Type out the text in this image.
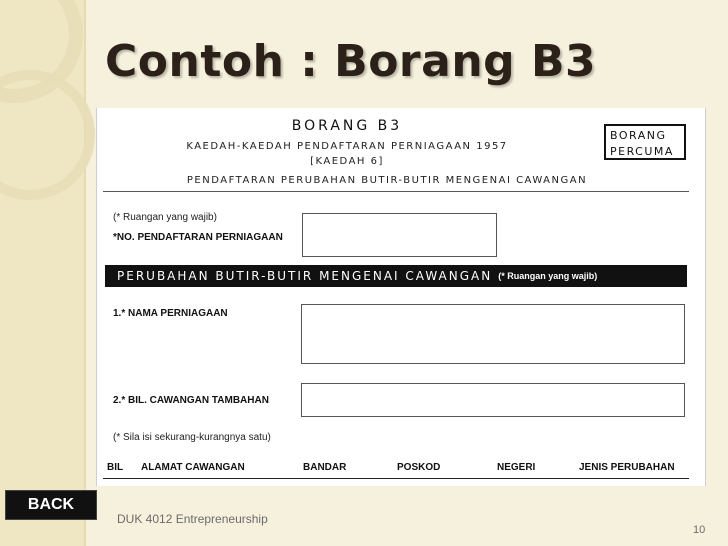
Contoh : Borang B3
BORANG B3
KAEDAH-KAEDAH PENDAFTARAN PERNIAGAAN 1957
[KAEDAH 6]
PENDAFTARAN PERUBAHAN BUTIR-BUTIR MENGENAI CAWANGAN
BORANG
PERCUMA
(* Ruangan yang wajib)
*NO. PENDAFTARAN PERNIAGAAN
PERUBAHAN BUTIR-BUTIR MENGENAI CAWANGAN (* Ruangan yang wajib)
1.* NAMA PERNIAGAAN
2.* BIL. CAWANGAN TAMBAHAN
(* Sila isi sekurang-kurangnya satu)
BIL ALAMAT CAWANGAN	BANDAR	POSKOD	NEGERI	JENIS PERUBAHAN
BACK
DUK 4012 Entrepreneurship
10
